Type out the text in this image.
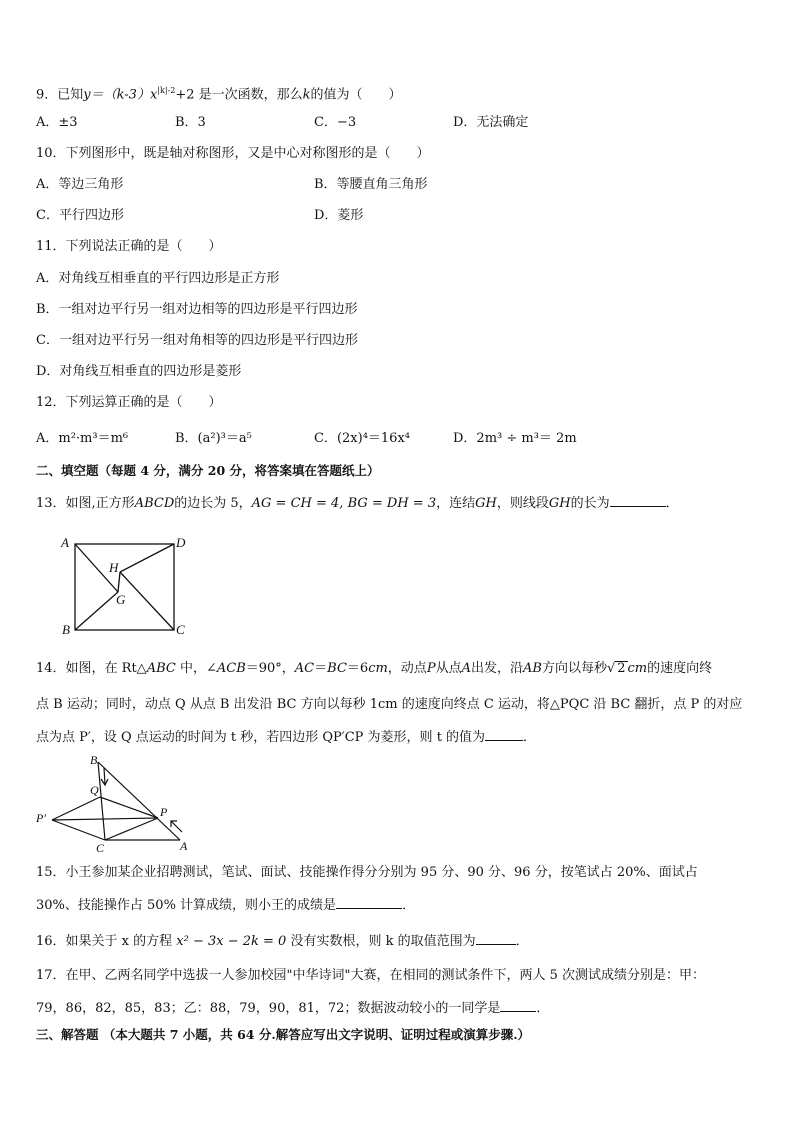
9．已知$y=(k-3)x^{|k|-2}+2$ 是一次函数，那么k的值为（　　）
A．±3	B．3	C．−3	D．无法确定
10．下列图形中，既是轴对称图形，又是中心对称图形的是（　　）
A．等边三角形	B．等腰直角三角形
C．平行四边形	D．菱形
11．下列说法正确的是（　　）
A．对角线互相垂直的平行四边形是正方形
B．一组对边平行另一组对边相等的四边形是平行四边形
C．一组对边平行另一组对角相等的四边形是平行四边形
D．对角线互相垂直的四边形是菱形
12．下列运算正确的是（　　）
A．m²·m³＝m⁶	B．(a²)³＝a⁵	C．(2x)⁴＝16x⁴	D．2m³ ÷ m³＝ 2m
二、填空题（每题 4 分，满分 20 分，将答案填在答题纸上）
13．如图,正方形ABCD的边长为 5，AG = CH = 4, BG = DH = 3，连结GH，则线段GH的长为	．
A	D
H
G
B	C
14．如图，在 Rt△ABC 中，∠ACB＝90°，AC＝BC＝6cm，动点P从点A出发，沿AB方向以每秒√ 2 cm的速度向终
点 B 运动；同时，动点 Q 从点 B 出发沿 BC 方向以每秒 1cm 的速度向终点 C 运动，将△PQC 沿 BC 翻折，点 P 的对应
点为点 P′，设 Q 点运动的时间为 t 秒，若四边形 QP′CP 为菱形，则 t 的值为	．
B
Q
P′	P
C	A
15．小王参加某企业招聘测试，笔试、面试、技能操作得分分别为 95 分、90 分、96 分，按笔试占 20%、面试占
30%、技能操作占 50% 计算成绩，则小王的成绩是	．
16．如果关于 x 的方程 x² − 3x − 2k = 0 没有实数根，则 k 的取值范围为	．
17．在甲、乙两名同学中选拔一人参加校园"中华诗词"大赛，在相同的测试条件下，两人 5 次测试成绩分别是：甲：
79，86，82，85，83；乙：88，79，90，81，72；数据波动较小的一同学是	．
三、解答题 （本大题共 7 小题，共 64 分.解答应写出文字说明、证明过程或演算步骤.）
